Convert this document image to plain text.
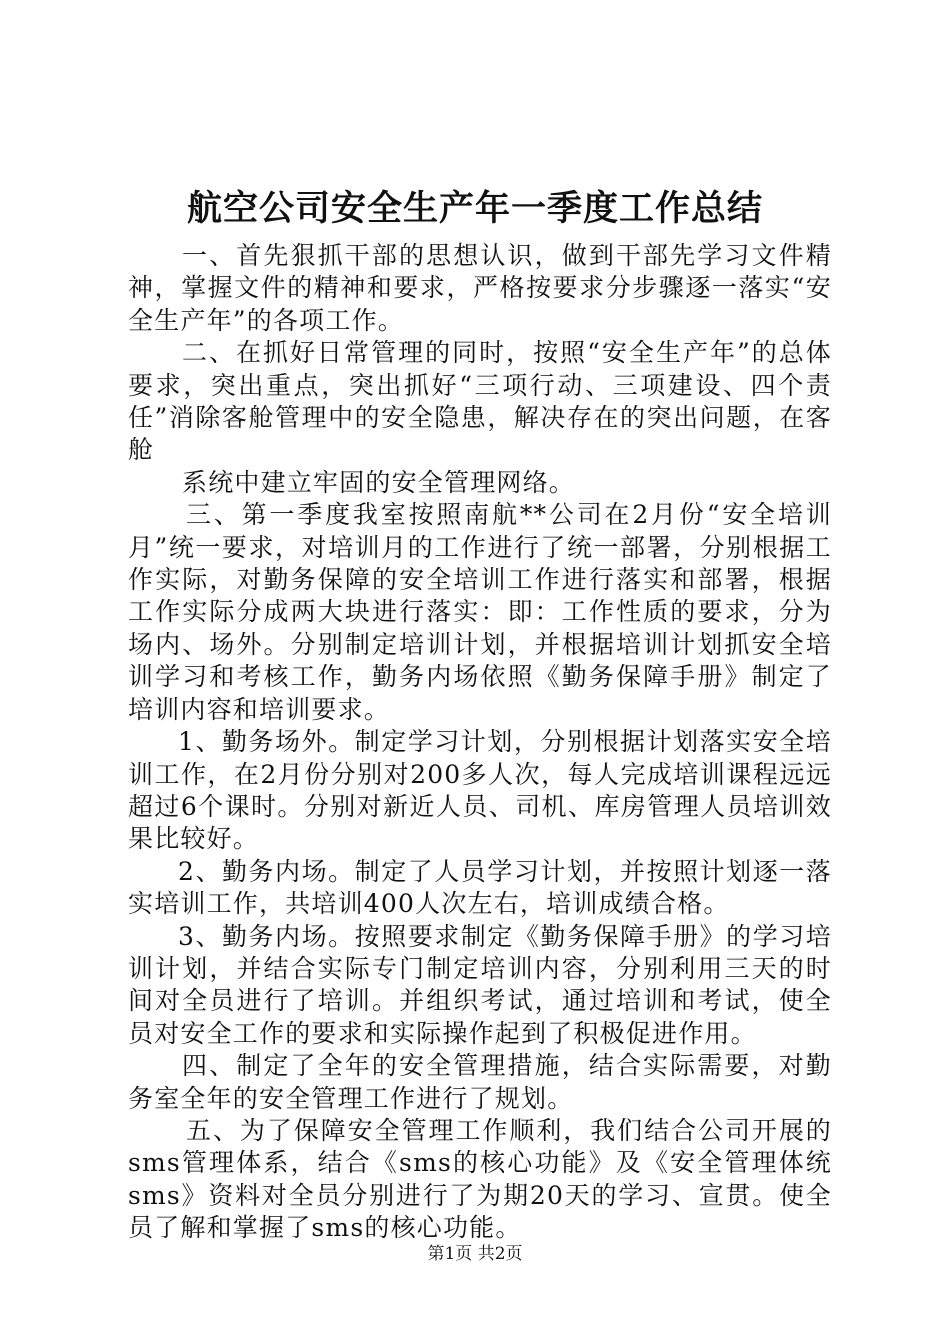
航空公司安全生产年一季度工作总结

一、首先狠抓干部的思想认识，做到干部先学习文件精神，掌握文件的精神和要求，严格按要求分步骤逐一落实“安全生产年”的各项工作。

二、在抓好日常管理的同时，按照“安全生产年”的总体要求，突出重点，突出抓好“三项行动、三项建设、四个责任”消除客舱管理中的安全隐患，解决存在的突出问题，在客舱

系统中建立牢固的安全管理网络。

三、第一季度我室按照南航**公司在2月份“安全培训月”统一要求，对培训月的工作进行了统一部署，分别根据工作实际，对勤务保障的安全培训工作进行落实和部署，根据工作实际分成两大块进行落实：即：工作性质的要求，分为场内、场外。分别制定培训计划，并根据培训计划抓安全培训学习和考核工作，勤务内场依照《勤务保障手册》制定了培训内容和培训要求。

1、勤务场外。制定学习计划，分别根据计划落实安全培训工作，在2月份分别对200多人次，每人完成培训课程远远超过6个课时。分别对新近人员、司机、库房管理人员培训效果比较好。

2、勤务内场。制定了人员学习计划，并按照计划逐一落实培训工作，共培训400人次左右，培训成绩合格。

3、勤务内场。按照要求制定《勤务保障手册》的学习培训计划，并结合实际专门制定培训内容，分别利用三天的时间对全员进行了培训。并组织考试，通过培训和考试，使全员对安全工作的要求和实际操作起到了积极促进作用。

四、制定了全年的安全管理措施，结合实际需要，对勤务室全年的安全管理工作进行了规划。

五、为了保障安全管理工作顺利，我们结合公司开展的sms管理体系，结合《sms的核心功能》及《安全管理体统sms》资料对全员分别进行了为期20天的学习、宣贯。使全员了解和掌握了sms的核心功能。

第1页 共2页
